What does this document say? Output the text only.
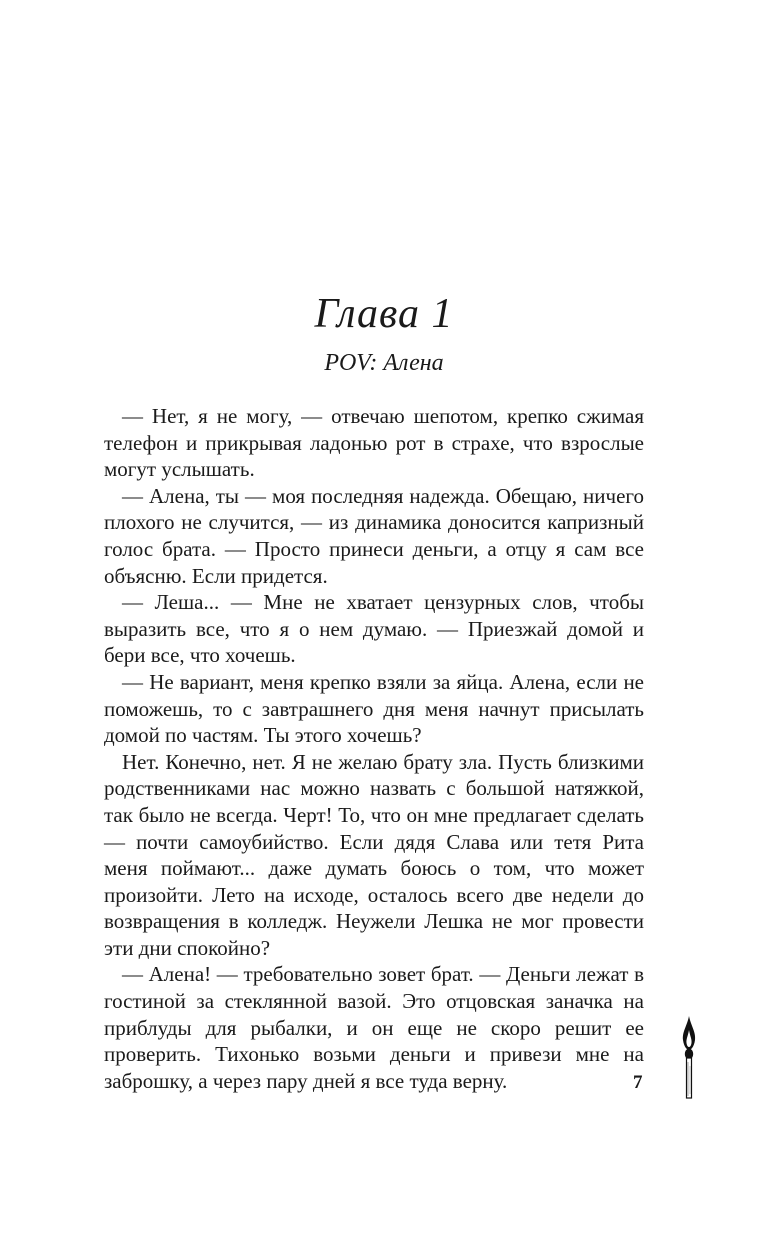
Глава 1
POV: Алена

— Нет, я не могу, — отвечаю шепотом, крепко сжимая телефон и прикрывая ладонью рот в страхе, что взрослые могут услышать.

— Алена, ты — моя последняя надежда. Обещаю, ничего плохого не случится, — из динамика доносится капризный голос брата. — Просто принеси деньги, а отцу я сам все объясню. Если придется.

— Леша... — Мне не хватает цензурных слов, чтобы выразить все, что я о нем думаю. — Приезжай домой и бери все, что хочешь.

— Не вариант, меня крепко взяли за яйца. Алена, если не поможешь, то с завтрашнего дня меня начнут присылать домой по частям. Ты этого хочешь?

Нет. Конечно, нет. Я не желаю брату зла. Пусть близкими родственниками нас можно назвать с большой натяжкой, так было не всегда. Черт! То, что он мне предлагает сделать — почти самоубийство. Если дядя Слава или тетя Рита меня поймают... даже думать боюсь о том, что может произойти. Лето на исходе, осталось всего две недели до возвращения в колледж. Неужели Лешка не мог провести эти дни спокойно?

— Алена! — требовательно зовет брат. — Деньги лежат в гостиной за стеклянной вазой. Это отцовская заначка на приблуды для рыбалки, и он еще не скоро решит ее проверить. Тихонько возьми деньги и привези мне на заброшку, а через пару дней я все туда верну.	7
